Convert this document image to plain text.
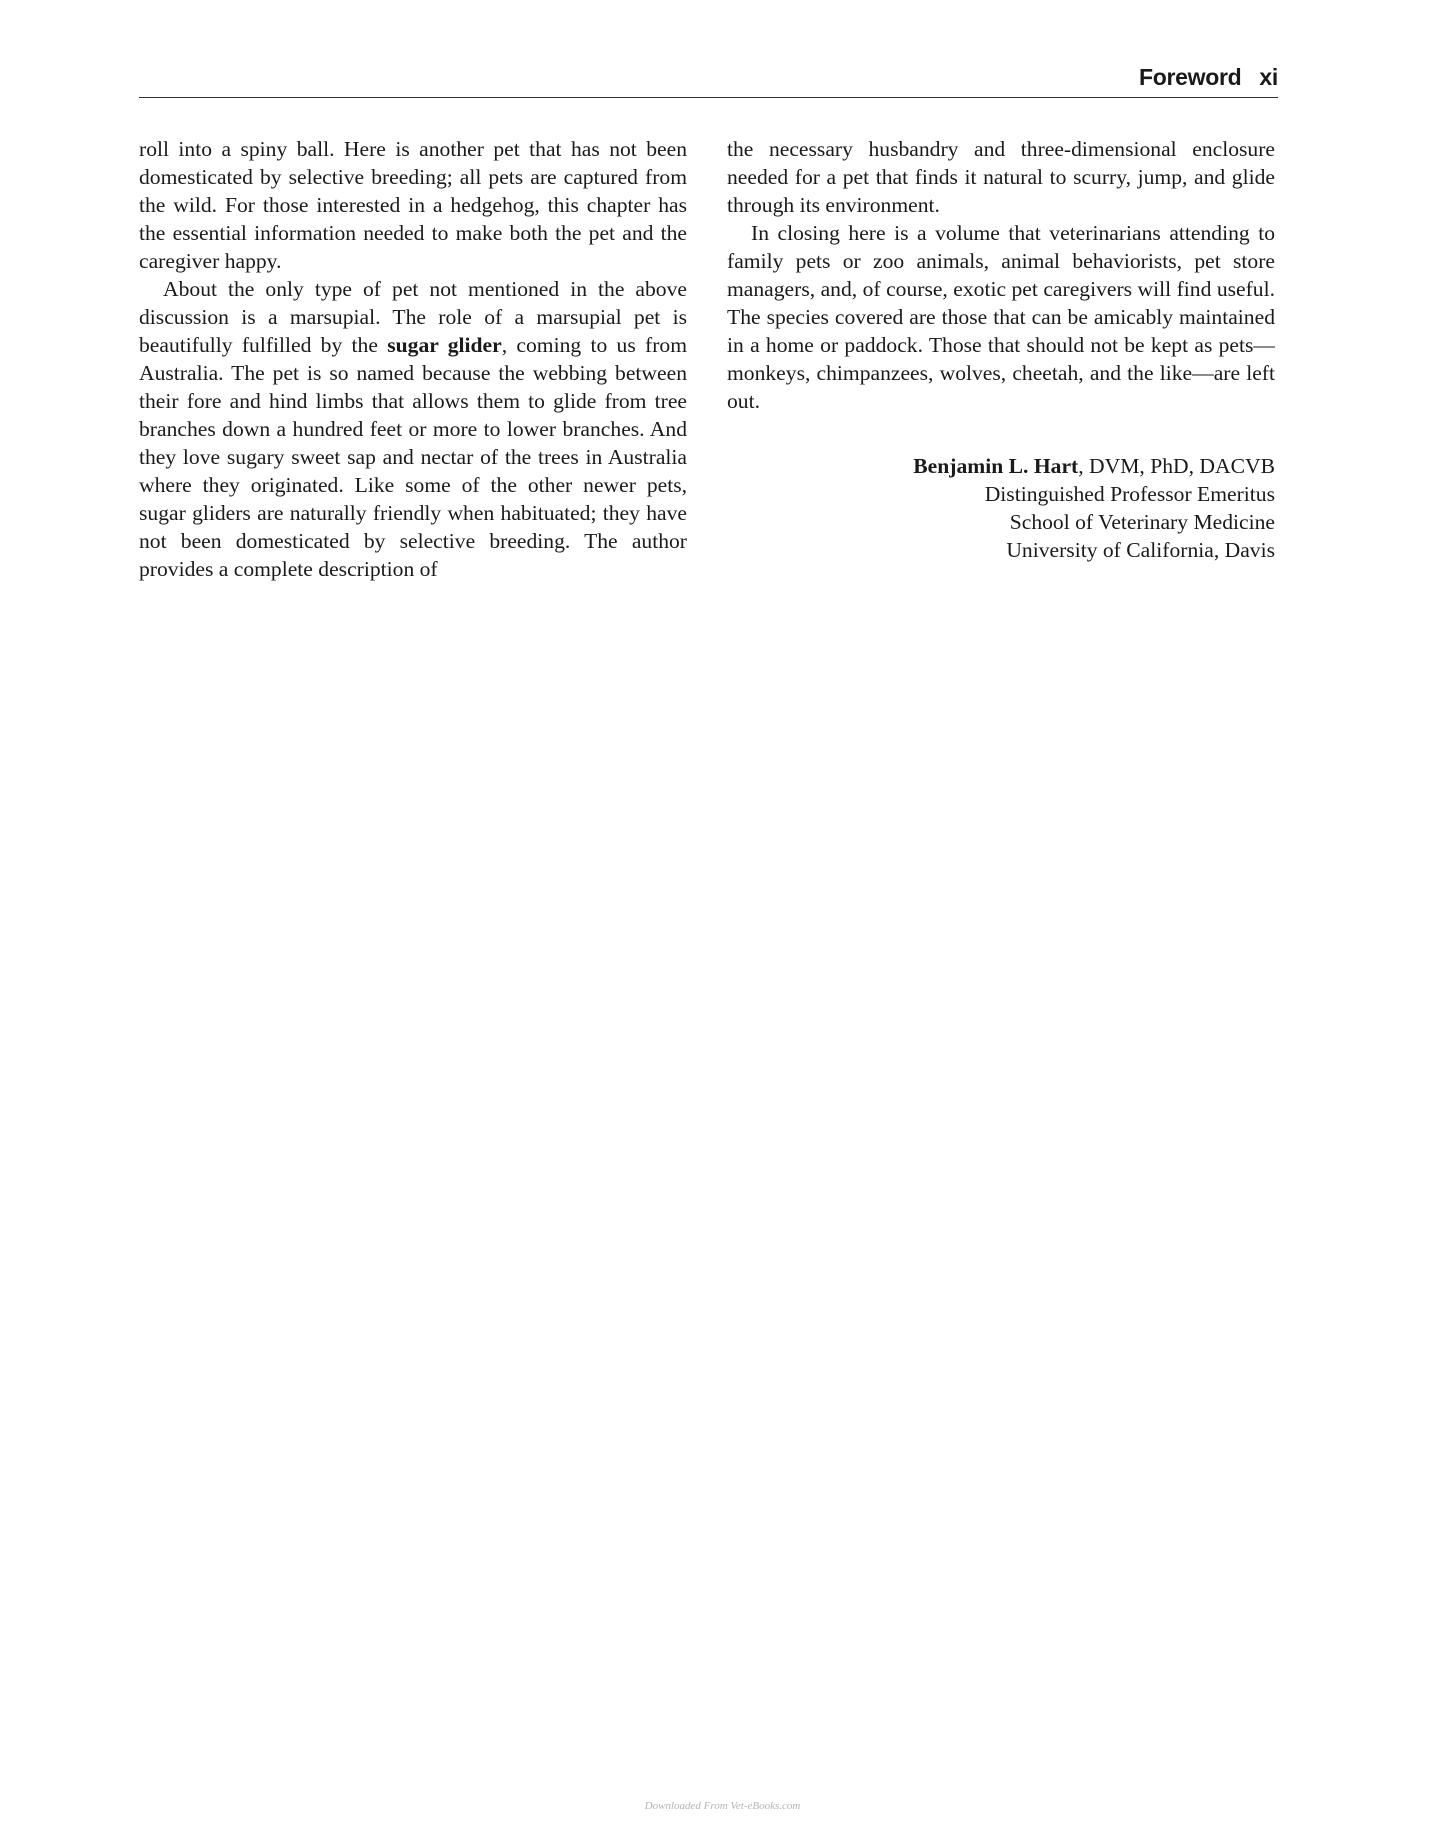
Foreword xi

roll into a spiny ball. Here is another pet that has not been domesticated by selective breeding; all pets are captured from the wild. For those interested in a hedgehog, this chapter has the essential information needed to make both the pet and the caregiver happy.

About the only type of pet not mentioned in the above discussion is a marsupial. The role of a marsupial pet is beautifully fulfilled by the sugar glider, coming to us from Australia. The pet is so named because the webbing between their fore and hind limbs that allows them to glide from tree branches down a hundred feet or more to lower branches. And they love sugary sweet sap and nectar of the trees in Australia where they originated. Like some of the other newer pets, sugar gliders are naturally friendly when habituated; they have not been domesticated by selective breeding. The author provides a complete description of

the necessary husbandry and three-dimensional enclosure needed for a pet that finds it natural to scurry, jump, and glide through its environment.

In closing here is a volume that veterinarians attending to family pets or zoo animals, animal behaviorists, pet store managers, and, of course, exotic pet caregivers will find useful. The species covered are those that can be amicably maintained in a home or paddock. Those that should not be kept as pets—monkeys, chimpanzees, wolves, cheetah, and the like—are left out.

Benjamin L. Hart, DVM, PhD, DACVB
Distinguished Professor Emeritus
School of Veterinary Medicine
University of California, Davis
Downloaded From Vet-eBooks.com
